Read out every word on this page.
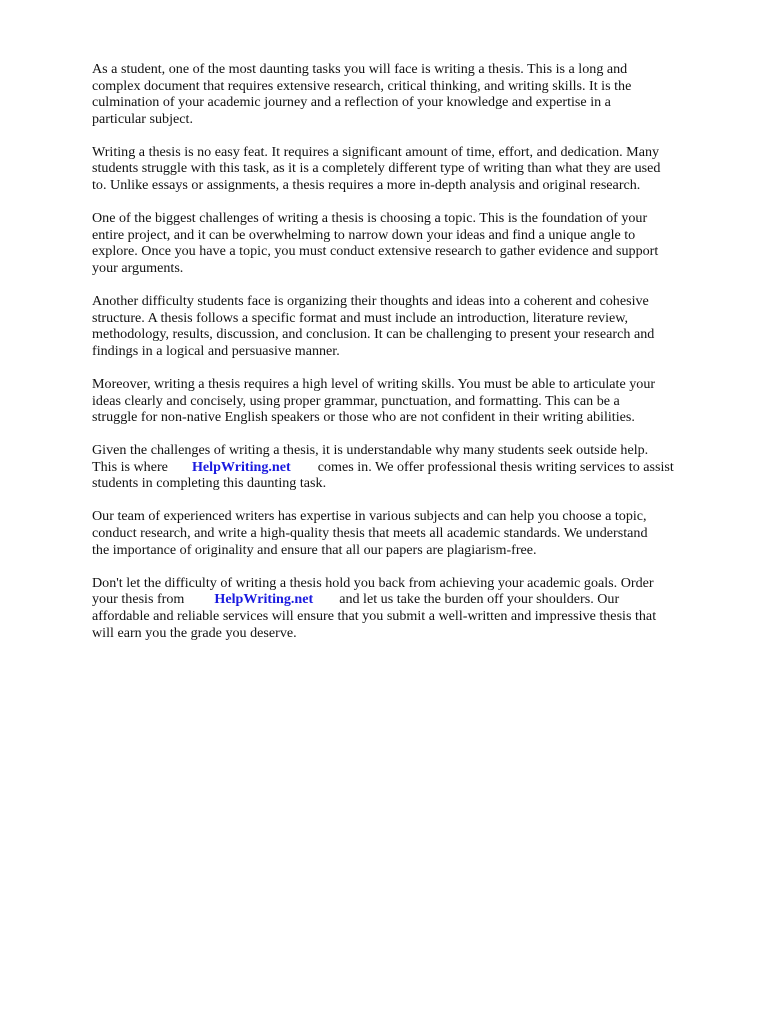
As a student, one of the most daunting tasks you will face is writing a thesis. This is a long and
complex document that requires extensive research, critical thinking, and writing skills. It is the
culmination of your academic journey and a reflection of your knowledge and expertise in a
particular subject.

Writing a thesis is no easy feat. It requires a significant amount of time, effort, and dedication. Many
students struggle with this task, as it is a completely different type of writing than what they are used
to. Unlike essays or assignments, a thesis requires a more in-depth analysis and original research.

One of the biggest challenges of writing a thesis is choosing a topic. This is the foundation of your
entire project, and it can be overwhelming to narrow down your ideas and find a unique angle to
explore. Once you have a topic, you must conduct extensive research to gather evidence and support
your arguments.

Another difficulty students face is organizing their thoughts and ideas into a coherent and cohesive
structure. A thesis follows a specific format and must include an introduction, literature review,
methodology, results, discussion, and conclusion. It can be challenging to present your research and
findings in a logical and persuasive manner.

Moreover, writing a thesis requires a high level of writing skills. You must be able to articulate your
ideas clearly and concisely, using proper grammar, punctuation, and formatting. This can be a
struggle for non-native English speakers or those who are not confident in their writing abilities.

Given the challenges of writing a thesis, it is understandable why many students seek outside help.
This is where HelpWriting.net comes in. We offer professional thesis writing services to assist
students in completing this daunting task.

Our team of experienced writers has expertise in various subjects and can help you choose a topic,
conduct research, and write a high-quality thesis that meets all academic standards. We understand
the importance of originality and ensure that all our papers are plagiarism-free.

Don't let the difficulty of writing a thesis hold you back from achieving your academic goals. Order
your thesis from HelpWriting.net and let us take the burden off your shoulders. Our
affordable and reliable services will ensure that you submit a well-written and impressive thesis that
will earn you the grade you deserve.
